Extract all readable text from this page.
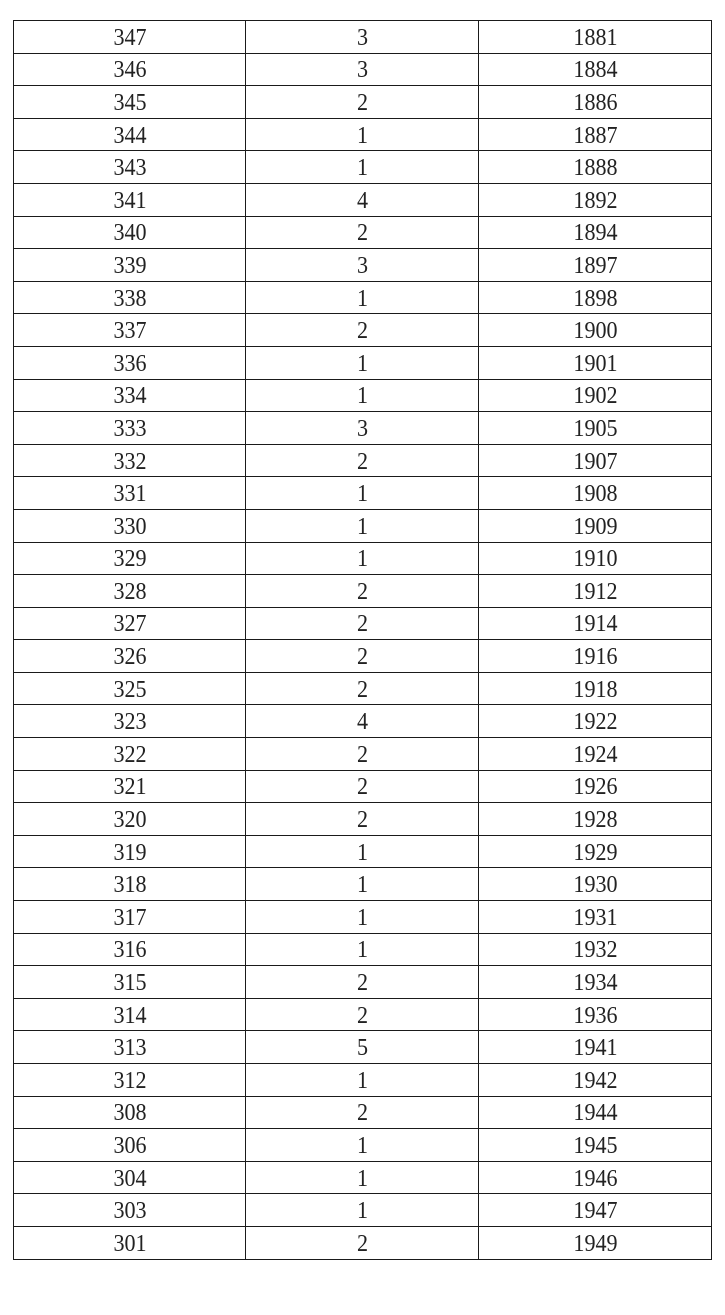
347	3	1881
346	3	1884
345	2	1886
344	1	1887
343	1	1888
341	4	1892
340	2	1894
339	3	1897
338	1	1898
337	2	1900
336	1	1901
334	1	1902
333	3	1905
332	2	1907
331	1	1908
330	1	1909
329	1	1910
328	2	1912
327	2	1914
326	2	1916
325	2	1918
323	4	1922
322	2	1924
321	2	1926
320	2	1928
319	1	1929
318	1	1930
317	1	1931
316	1	1932
315	2	1934
314	2	1936
313	5	1941
312	1	1942
308	2	1944
306	1	1945
304	1	1946
303	1	1947
301	2	1949
